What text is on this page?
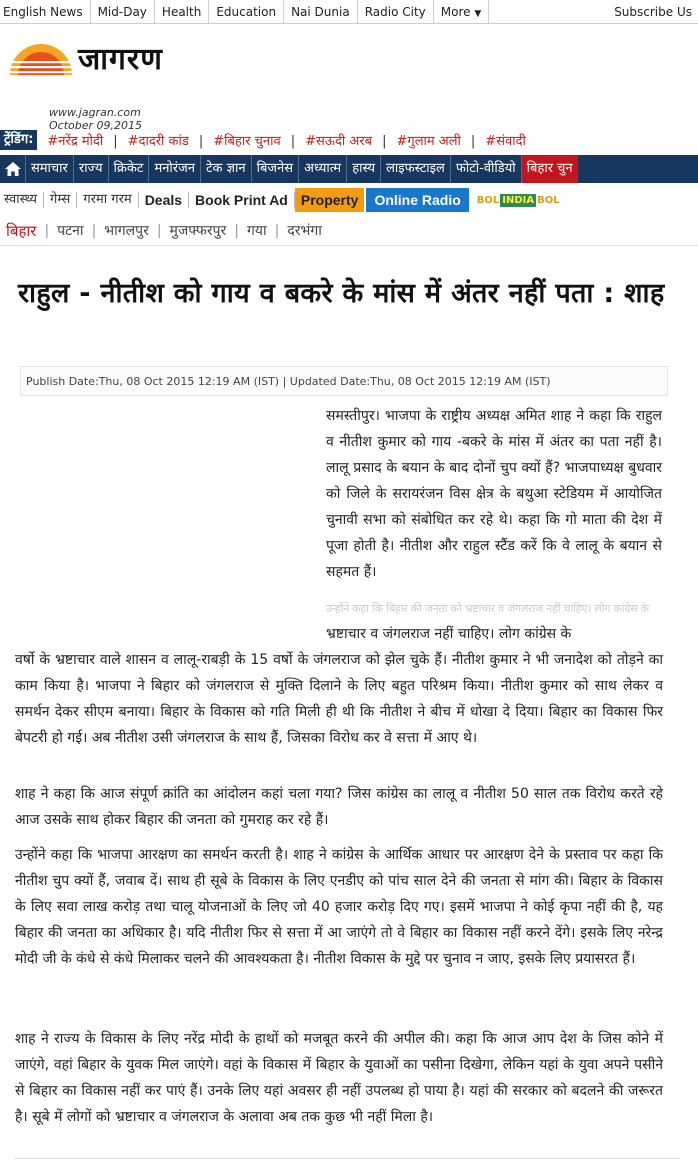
English News	Mid-Day	Health	Education	Nai Dunia	Radio City	More ▼	Subscribe Us
जागरण
www.jagran.com
October 09,2015
ट्रेंडिंग:	#नरेंद्र मोदी | #दादरी कांड | #बिहार चुनाव | #सऊदी अरब | #गुलाम अली | #संवादी
समाचार राज्य क्रिकेट मनोरंजन टेक ज्ञान बिजनेस अध्यात्म हास्य लाइफस्टाइल फोटो-वीडियो बिहार चुन
स्वास्थ्य	गेम्स	गरमा गरम Deals Book Print Ad Property	Online Radio	BOL INDIA BOL
बिहार | पटना | भागलपुर | मुजफ्फरपुर | गया | दरभंगा
राहुल - नीतीश को गाय व बकरे के मांस में अंतर नहीं पता : शाह
Publish Date:Thu, 08 Oct 2015 12:19 AM (IST) | Updated Date:Thu, 08 Oct 2015 12:19 AM (IST)

समस्तीपुर। भाजपा के राष्ट्रीय अध्यक्ष अमित शाह ने कहा कि राहुल व नीतीश कुमार को गाय -बकरे के मांस में अंतर का पता नहीं है। लालू प्रसाद के बयान के बाद दोनों चुप क्यों हैं? भाजपाध्यक्ष बुधवार को जिले के सरायरंजन विस क्षेत्र के बथुआ स्टेडियम में आयोजित चुनावी सभा को संबोधित कर रहे थे। कहा कि गो माता की देश में पूजा होती है। नीतीश और राहुल स्टैंड करें कि वे लालू के बयान से सहमत हैं।

उन्होंने कहा कि बिहार की जनता को भ्रष्टाचार व जंगलराज नहीं चाहिए। लोग कांग्रेस के

भ्रष्टाचार व जंगलराज नहीं चाहिए। लोग कांग्रेस के

वर्षो के भ्रष्टाचार वाले शासन व लालू-राबड़ी के 15 वर्षो के जंगलराज को झेल चुके हैं। नीतीश कुमार ने भी जनादेश को तोड़ने का काम किया है। भाजपा ने बिहार को जंगलराज से मुक्ति दिलाने के लिए बहुत परिश्रम किया। नीतीश कुमार को साथ लेकर व समर्थन देकर सीएम बनाया। बिहार के विकास को गति मिली ही थी कि नीतीश ने बीच में धोखा दे दिया। बिहार का विकास फिर बेपटरी हो गई। अब नीतीश उसी जंगलराज के साथ हैं, जिसका विरोध कर वे सत्ता में आए थे।

शाह ने कहा कि आज संपूर्ण क्रांति का आंदोलन कहां चला गया? जिस कांग्रेस का लालू व नीतीश 50 साल तक विरोध करते रहे आज उसके साथ होकर बिहार की जनता को गुमराह कर रहे हैं।

उन्होंने कहा कि भाजपा आरक्षण का समर्थन करती है। शाह ने कांग्रेस के आर्थिक आधार पर आरक्षण देने के प्रस्ताव पर कहा कि नीतीश चुप क्यों हैं, जवाब दें। साथ ही सूबे के विकास के लिए एनडीए को पांच साल देने की जनता से मांग की। बिहार के विकास के लिए सवा लाख करोड़ तथा चालू योजनाओं के लिए जो 40 हजार करोड़ दिए गए। इसमें भाजपा ने कोई कृपा नहीं की है, यह बिहार की जनता का अधिकार है। यदि नीतीश फिर से सत्ता में आ जाएंगे तो वे बिहार का विकास नहीं करने देंगे। इसके लिए नरेन्द्र मोदी जी के कंधे से कंधे मिलाकर चलने की आवश्यकता है। नीतीश विकास के मुद्दे पर चुनाव न जाए, इसके लिए प्रयासरत हैं।

शाह ने राज्य के विकास के लिए नरेंद्र मोदी के हाथों को मजबूत करने की अपील की। कहा कि आज आप देश के जिस कोने में जाएंगे, वहां बिहार के युवक मिल जाएंगे। वहां के विकास में बिहार के युवाओं का पसीना दिखेगा, लेकिन यहां के युवा अपने पसीने से बिहार का विकास नहीं कर पाएं हैं। उनके लिए यहां अवसर ही नहीं उपलब्ध हो पाया है। यहां की सरकार को बदलने की जरूरत है। सूबे में लोगों को भ्रष्टाचार व जंगलराज के अलावा अब तक कुछ भी नहीं मिला है।
